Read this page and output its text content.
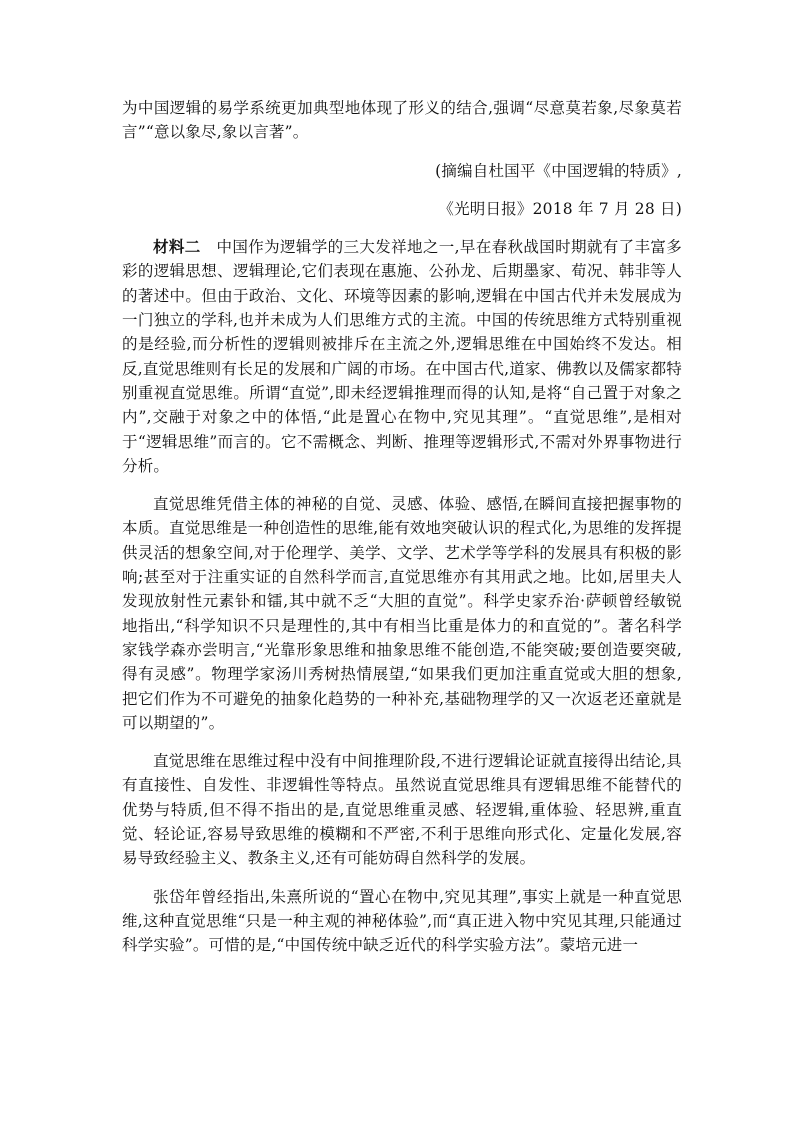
为中国逻辑的易学系统更加典型地体现了形义的结合,强调“尽意莫若象,尽象莫若言”“意以象尽,象以言著”。

(摘编自杜国平《中国逻辑的特质》,

《光明日报》2018 年 7 月 28 日)

材料二　中国作为逻辑学的三大发祥地之一,早在春秋战国时期就有了丰富多彩的逻辑思想、逻辑理论,它们表现在惠施、公孙龙、后期墨家、荀况、韩非等人的著述中。但由于政治、文化、环境等因素的影响,逻辑在中国古代并未发展成为一门独立的学科,也并未成为人们思维方式的主流。中国的传统思维方式特别重视的是经验,而分析性的逻辑则被排斥在主流之外,逻辑思维在中国始终不发达。相反,直觉思维则有长足的发展和广阔的市场。在中国古代,道家、佛教以及儒家都特别重视直觉思维。所谓“直觉”,即未经逻辑推理而得的认知,是将“自己置于对象之内”,交融于对象之中的体悟,“此是置心在物中,究见其理”。“直觉思维”,是相对于“逻辑思维”而言的。它不需概念、判断、推理等逻辑形式,不需对外界事物进行分析。

直觉思维凭借主体的神秘的自觉、灵感、体验、感悟,在瞬间直接把握事物的本质。直觉思维是一种创造性的思维,能有效地突破认识的程式化,为思维的发挥提供灵活的想象空间,对于伦理学、美学、文学、艺术学等学科的发展具有积极的影响;甚至对于注重实证的自然科学而言,直觉思维亦有其用武之地。比如,居里夫人发现放射性元素钋和镭,其中就不乏“大胆的直觉”。科学史家乔治·萨顿曾经敏锐地指出,“科学知识不只是理性的,其中有相当比重是体力的和直觉的”。著名科学家钱学森亦尝明言,“光靠形象思维和抽象思维不能创造,不能突破;要创造要突破,得有灵感”。物理学家汤川秀树热情展望,“如果我们更加注重直觉或大胆的想象,把它们作为不可避免的抽象化趋势的一种补充,基础物理学的又一次返老还童就是可以期望的”。

直觉思维在思维过程中没有中间推理阶段,不进行逻辑论证就直接得出结论,具有直接性、自发性、非逻辑性等特点。虽然说直觉思维具有逻辑思维不能替代的优势与特质,但不得不指出的是,直觉思维重灵感、轻逻辑,重体验、轻思辨,重直觉、轻论证,容易导致思维的模糊和不严密,不利于思维向形式化、定量化发展,容易导致经验主义、教条主义,还有可能妨碍自然科学的发展。

张岱年曾经指出,朱熹所说的“置心在物中,究见其理”,事实上就是一种直觉思维,这种直觉思维“只是一种主观的神秘体验”,而“真正进入物中究见其理,只能通过科学实验”。可惜的是,“中国传统中缺乏近代的科学实验方法”。蒙培元进一
